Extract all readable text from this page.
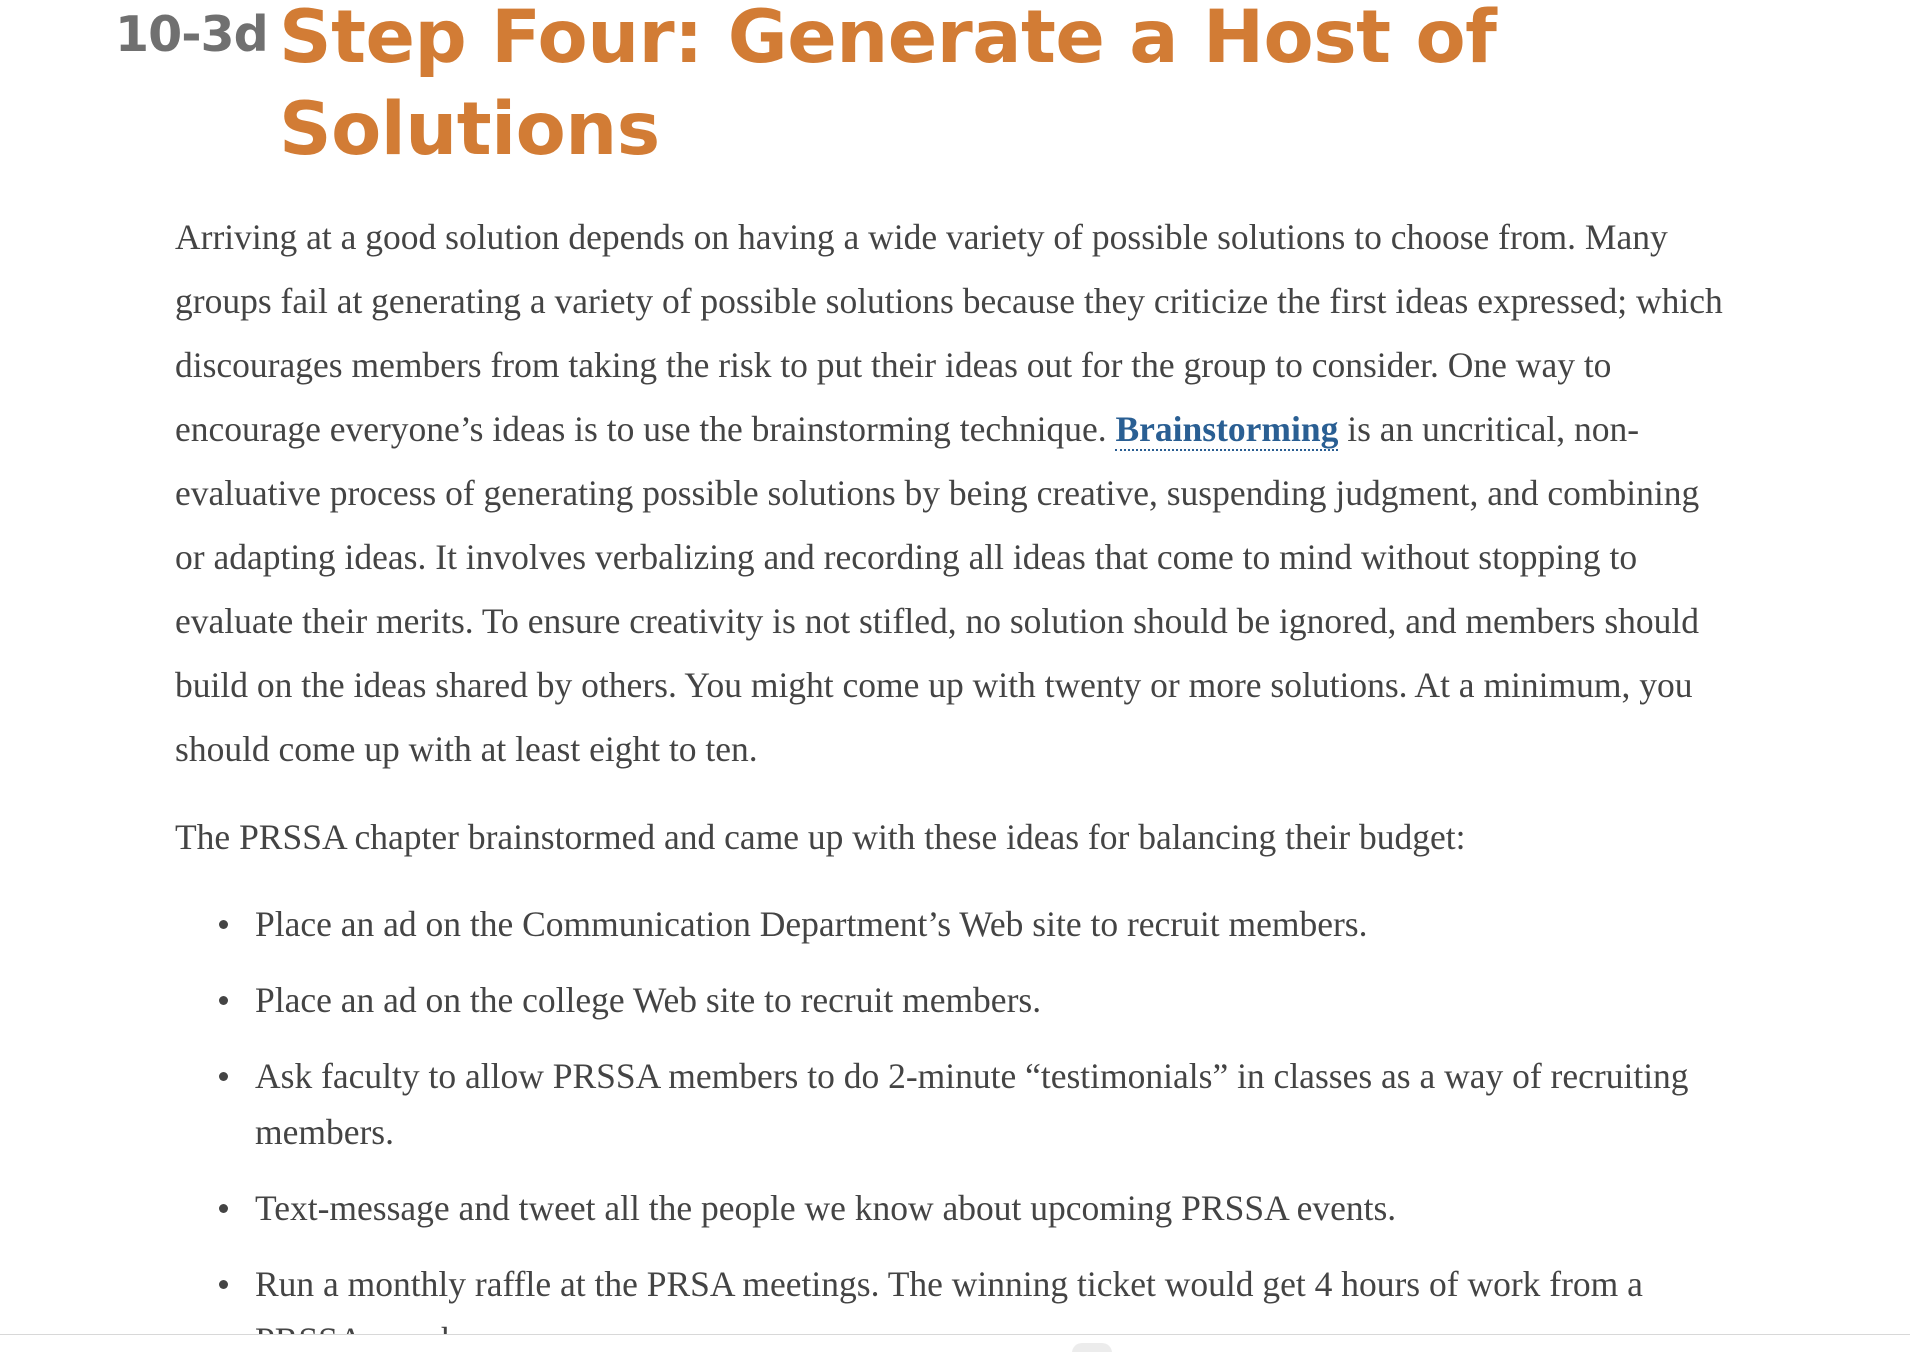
10-3d Step Four: Generate a Host of Solutions

Arriving at a good solution depends on having a wide variety of possible solutions to choose from. Many groups fail at generating a variety of possible solutions because they criticize the first ideas expressed; which discourages members from taking the risk to put their ideas out for the group to consider. One way to encourage everyone’s ideas is to use the brainstorming technique. Brainstorming is an uncritical, non-evaluative process of generating possible solutions by being creative, suspending judgment, and combining or adapting ideas. It involves verbalizing and recording all ideas that come to mind without stopping to evaluate their merits. To ensure creativity is not stifled, no solution should be ignored, and members should build on the ideas shared by others. You might come up with twenty or more solutions. At a minimum, you should come up with at least eight to ten.

The PRSSA chapter brainstormed and came up with these ideas for balancing their budget:

Place an ad on the Communication Department’s Web site to recruit members.
Place an ad on the college Web site to recruit members.
Ask faculty to allow PRSSA members to do 2-minute “testimonials” in classes as a way of recruiting members.
Text-message and tweet all the people we know about upcoming PRSSA events.
Run a monthly raffle at the PRSA meetings. The winning ticket would get 4 hours of work from a
